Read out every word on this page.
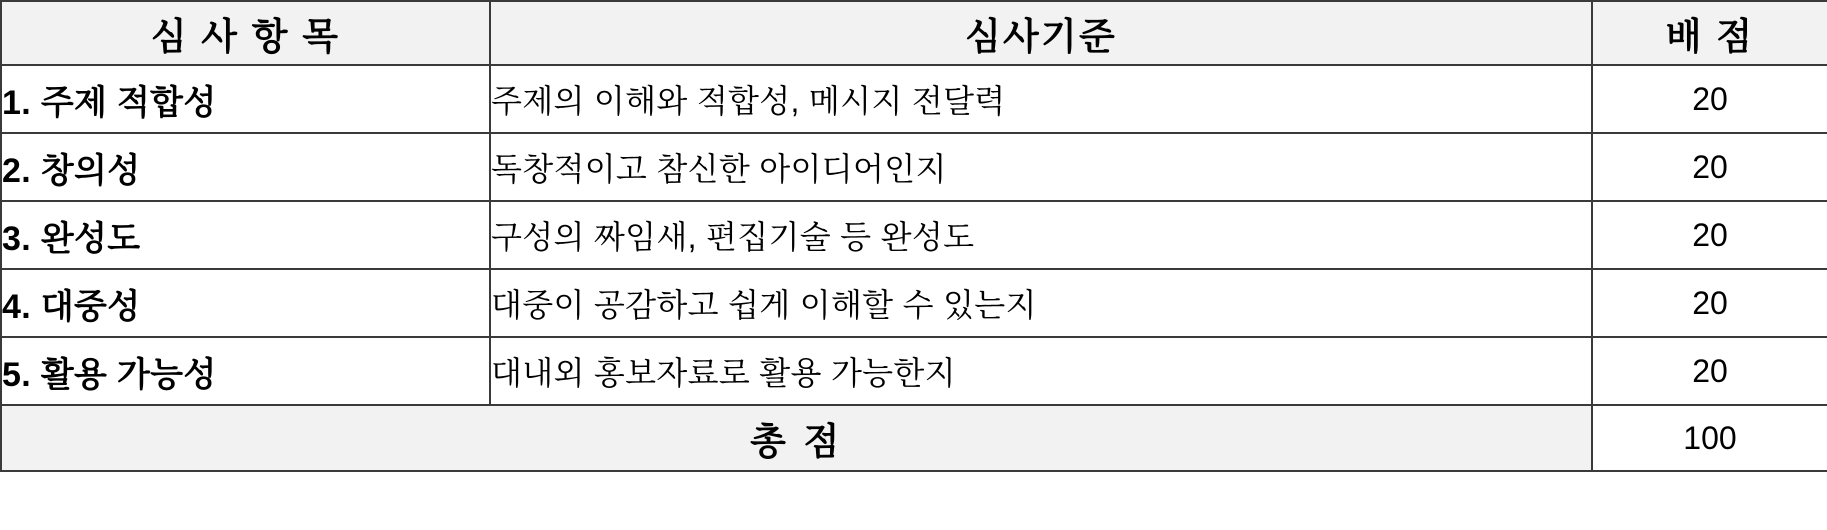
심 사 항 목	심사기준	배 점
1. 주제 적합성	주제의 이해와 적합성, 메시지 전달력	20
2. 창의성	독창적이고 참신한 아이디어인지	20
3. 완성도	구성의 짜임새, 편집기술 등 완성도	20
4. 대중성	대중이 공감하고 쉽게 이해할 수 있는지	20
5. 활용 가능성	대내외 홍보자료로 활용 가능한지	20
총 점		100
